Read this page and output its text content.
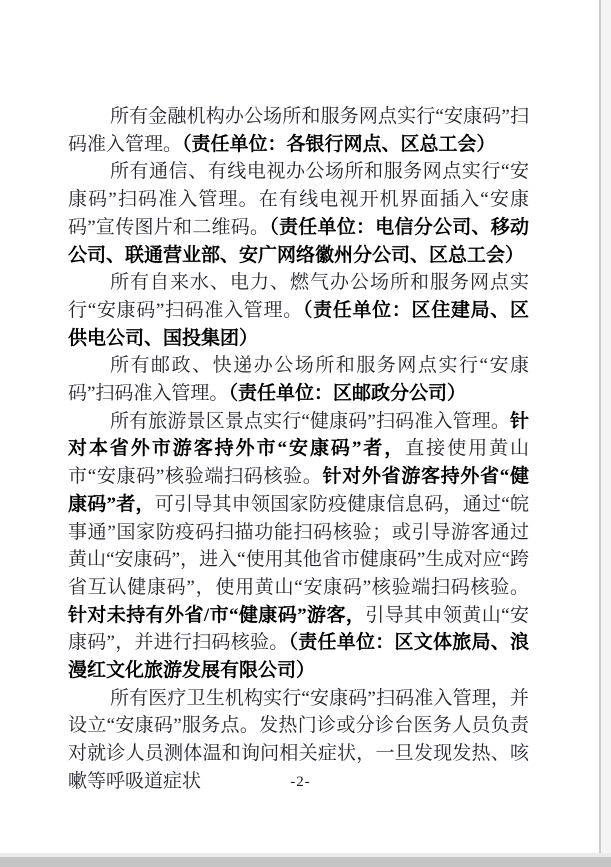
所有金融机构办公场所和服务网点实行“安康码”扫码准入管理。（责任单位：各银行网点、区总工会）

所有通信、有线电视办公场所和服务网点实行“安康码”扫码准入管理。在有线电视开机界面插入“安康码”宣传图片和二维码。（责任单位：电信分公司、移动公司、联通营业部、安广网络徽州分公司、区总工会）

所有自来水、电力、燃气办公场所和服务网点实行“安康码”扫码准入管理。（责任单位：区住建局、区供电公司、国投集团）

所有邮政、快递办公场所和服务网点实行“安康码”扫码准入管理。（责任单位：区邮政分公司）

所有旅游景区景点实行“健康码”扫码准入管理。针对本省外市游客持外市“安康码”者，直接使用黄山市“安康码”核验端扫码核验。针对外省游客持外省“健康码”者，可引导其申领国家防疫健康信息码，通过“皖事通”国家防疫码扫描功能扫码核验；或引导游客通过黄山“安康码”，进入“使用其他省市健康码”生成对应“跨省互认健康码”，使用黄山“安康码”核验端扫码核验。针对未持有外省/市“健康码”游客，引导其申领黄山“安康码”，并进行扫码核验。（责任单位：区文体旅局、浪漫红文化旅游发展有限公司）

所有医疗卫生机构实行“安康码”扫码准入管理，并设立“安康码”服务点。发热门诊或分诊台医务人员负责对就诊人员测体温和询问相关症状，一旦发现发热、咳嗽等呼吸道症状	-2-
